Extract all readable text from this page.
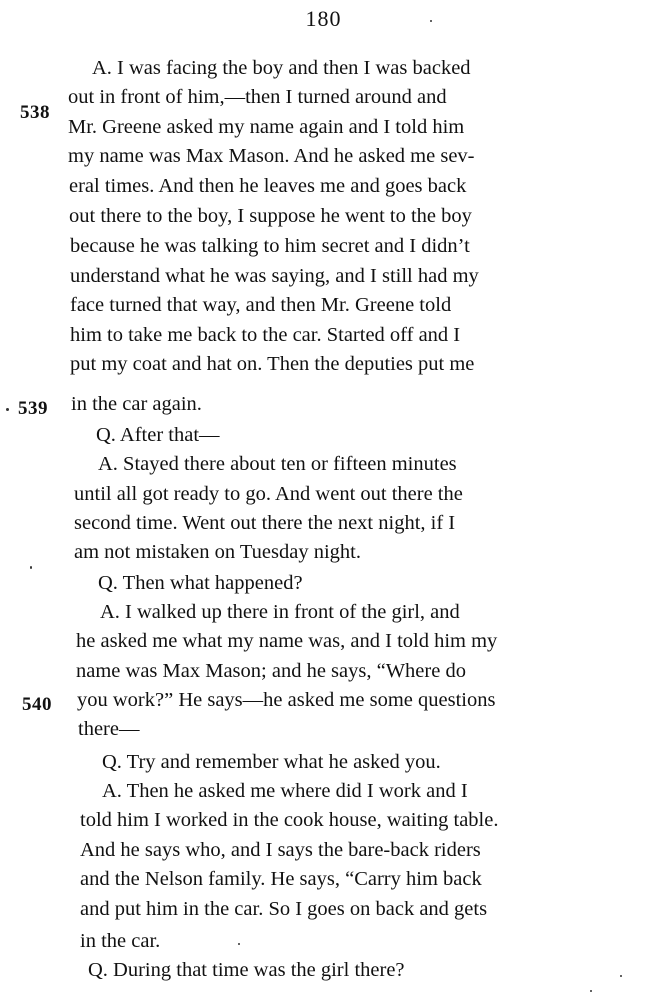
180
538
539
540
A. I was facing the boy and then I was backed
out in front of him,—then I turned around and
Mr. Greene asked my name again and I told him
my name was Max Mason. And he asked me sev-
eral times. And then he leaves me and goes back
out there to the boy, I suppose he went to the boy
because he was talking to him secret and I didn’t
understand what he was saying, and I still had my
face turned that way, and then Mr. Greene told
him to take me back to the car. Started off and I
put my coat and hat on. Then the deputies put me
in the car again.
Q. After that—
A. Stayed there about ten or fifteen minutes
until all got ready to go. And went out there the
second time. Went out there the next night, if I
am not mistaken on Tuesday night.
Q. Then what happened?
A. I walked up there in front of the girl, and
he asked me what my name was, and I told him my
name was Max Mason; and he says, “Where do
you work?” He says—he asked me some questions
there—
Q. Try and remember what he asked you.
A. Then he asked me where did I work and I
told him I worked in the cook house, waiting table.
And he says who, and I says the bare-back riders
and the Nelson family. He says, “Carry him back
and put him in the car. So I goes on back and gets
in the car.
Q. During that time was the girl there?
